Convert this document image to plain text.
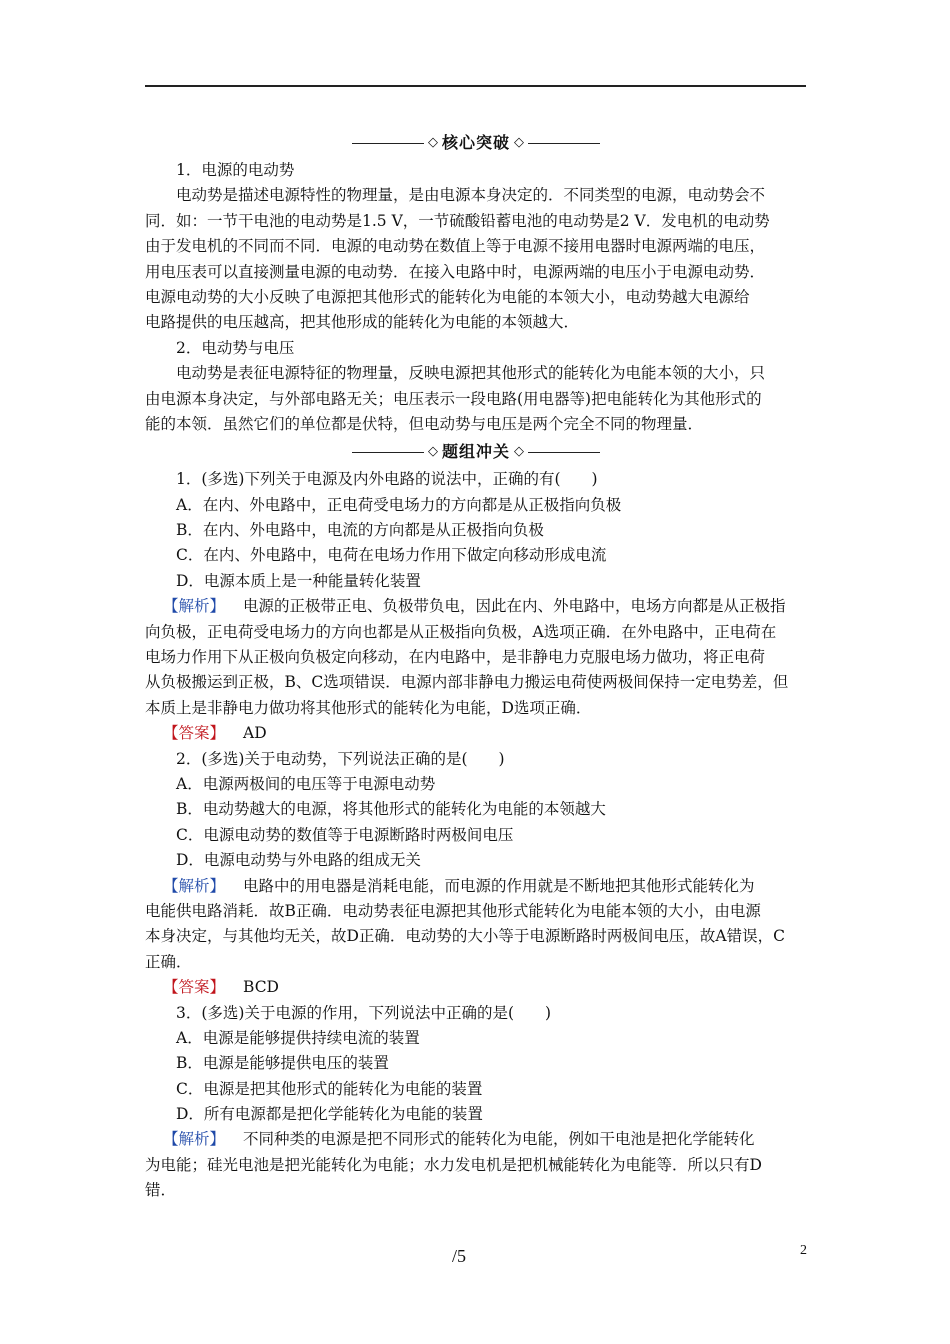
◇ 核心突破 ◇
1．电源的电动势
电动势是描述电源特性的物理量，是由电源本身决定的．不同类型的电源，电动势会不
同．如：一节干电池的电动势是1.5 V，一节硫酸铅蓄电池的电动势是2 V．发电机的电动势
由于发电机的不同而不同．电源的电动势在数值上等于电源不接用电器时电源两端的电压，
用电压表可以直接测量电源的电动势．在接入电路中时，电源两端的电压小于电源电动势．
电源电动势的大小反映了电源把其他形式的能转化为电能的本领大小，电动势越大电源给
电路提供的电压越高，把其他形成的能转化为电能的本领越大．
2．电动势与电压
电动势是表征电源特征的物理量，反映电源把其他形式的能转化为电能本领的大小，只
由电源本身决定，与外部电路无关；电压表示一段电路(用电器等)把电能转化为其他形式的
能的本领．虽然它们的单位都是伏特，但电动势与电压是两个完全不同的物理量．
◇ 题组冲关 ◇
1．(多选)下列关于电源及内外电路的说法中，正确的有(　　)
A．在内、外电路中，正电荷受电场力的方向都是从正极指向负极
B．在内、外电路中，电流的方向都是从正极指向负极
C．在内、外电路中，电荷在电场力作用下做定向移动形成电流
D．电源本质上是一种能量转化装置
【解析】 电源的正极带正电、负极带负电，因此在内、外电路中，电场方向都是从正极指
向负极，正电荷受电场力的方向也都是从正极指向负极，A选项正确．在外电路中，正电荷在
电场力作用下从正极向负极定向移动，在内电路中，是非静电力克服电场力做功，将正电荷
从负极搬运到正极，B、C选项错误．电源内部非静电力搬运电荷使两极间保持一定电势差，但
本质上是非静电力做功将其他形式的能转化为电能，D选项正确．
【答案】 AD
2．(多选)关于电动势，下列说法正确的是(　　)
A．电源两极间的电压等于电源电动势
B．电动势越大的电源，将其他形式的能转化为电能的本领越大
C．电源电动势的数值等于电源断路时两极间电压
D．电源电动势与外电路的组成无关
【解析】 电路中的用电器是消耗电能，而电源的作用就是不断地把其他形式能转化为
电能供电路消耗．故B正确．电动势表征电源把其他形式能转化为电能本领的大小，由电源
本身决定，与其他均无关，故D正确．电动势的大小等于电源断路时两极间电压，故A错误，C
正确．
【答案】 BCD
3．(多选)关于电源的作用，下列说法中正确的是(　　)
A．电源是能够提供持续电流的装置
B．电源是能够提供电压的装置
C．电源是把其他形式的能转化为电能的装置
D．所有电源都是把化学能转化为电能的装置
【解析】 不同种类的电源是把不同形式的能转化为电能，例如干电池是把化学能转化
为电能；硅光电池是把光能转化为电能；水力发电机是把机械能转化为电能等．所以只有D
错．
/5	2
